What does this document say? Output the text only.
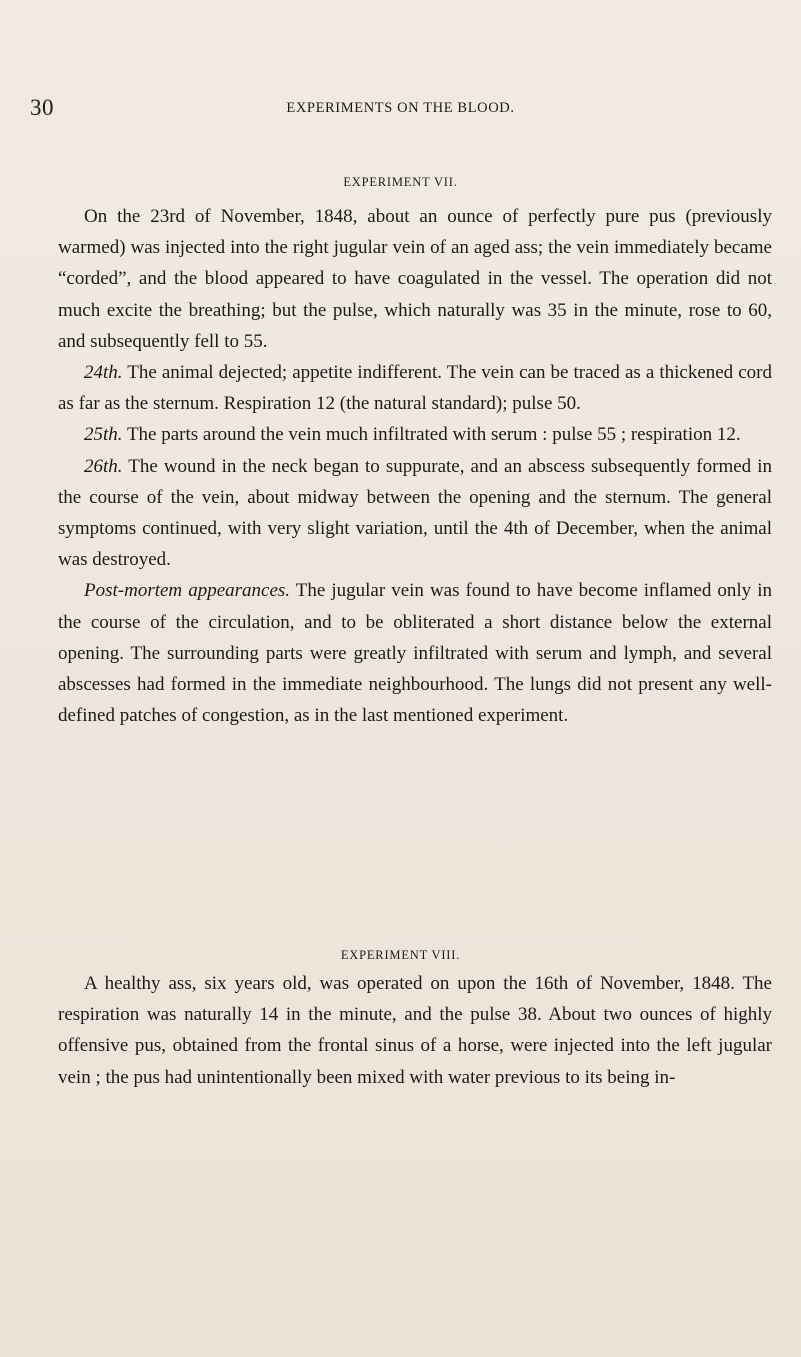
30	EXPERIMENTS ON THE BLOOD.
EXPERIMENT VII.

On the 23rd of November, 1848, about an ounce of perfectly pure pus (previously warmed) was injected into the right jugular vein of an aged ass; the vein immediately became “corded”, and the blood appeared to have coagulated in the vessel. The operation did not much excite the breathing; but the pulse, which naturally was 35 in the minute, rose to 60, and subsequently fell to 55.

24th. The animal dejected; appetite indifferent. The vein can be traced as a thickened cord as far as the sternum. Respiration 12 (the natural standard); pulse 50.

25th. The parts around the vein much infiltrated with serum : pulse 55 ; respiration 12.

26th. The wound in the neck began to suppurate, and an abscess subsequently formed in the course of the vein, about midway between the opening and the sternum. The general symptoms continued, with very slight variation, until the 4th of December, when the animal was destroyed.

Post-mortem appearances. The jugular vein was found to have become inflamed only in the course of the circulation, and to be obliterated a short distance below the external opening. The surrounding parts were greatly infiltrated with serum and lymph, and several abscesses had formed in the immediate neighbourhood. The lungs did not present any well-defined patches of congestion, as in the last mentioned experiment.

EXPERIMENT VIII.

A healthy ass, six years old, was operated on upon the 16th of November, 1848. The respiration was naturally 14 in the minute, and the pulse 38. About two ounces of highly offensive pus, obtained from the frontal sinus of a horse, were injected into the left jugular vein ; the pus had unintentionally been mixed with water previous to its being in-
